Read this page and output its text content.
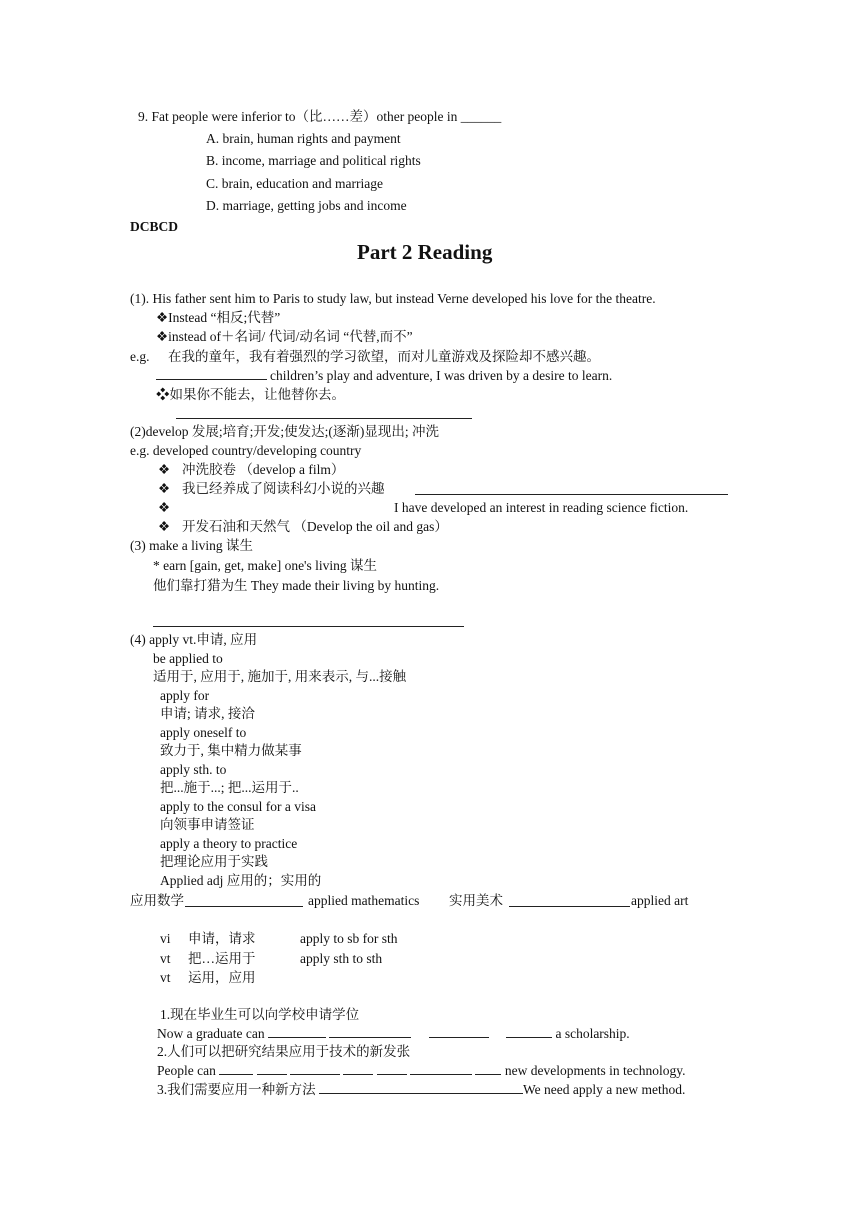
9. Fat people were inferior to（比……差）other people in ______
A. brain, human rights and payment
B. income, marriage and political rights
C. brain, education and marriage
D. marriage, getting jobs and income
DCBCD
Part 2 Reading
(1). His father sent him to Paris to study law, but instead Verne developed his love for the theatre.
❖Instead “相反;代替”
❖instead of＋名词/ 代词/动名词 “代替,而不”
e.g. 在我的童年，我有着强烈的学习欲望，而对儿童游戏及探险却不感兴趣。
children’s play and adventure, I was driven by a desire to learn.
❖如果你不能去，让他替你去。
(2)develop 发展;培育;开发;使发达;(逐渐)显现出; 冲洗
e.g. developed country/developing country
❖ 冲洗胶卷 （develop a film）
❖ 我已经养成了阅读科幻小说的兴趣
❖	I have developed an interest in reading science fiction.
❖ 开发石油和天然气 （Develop the oil and gas）
(3) make a living 谋生
* earn [gain, get, make] one's living 谋生
他们靠打猎为生 They made their living by hunting.
(4) apply vt.申请, 应用
be applied to
适用于, 应用于, 施加于, 用来表示, 与...接触
apply for
申请; 请求, 接洽
apply oneself to
致力于, 集中精力做某事
apply sth. to
把...施于...; 把...运用于..
apply to the consul for a visa
向领事申请签证
apply a theory to practice
把理论应用于实践
Applied adj 应用的；实用的
应用数学	applied mathematics 实用美术	applied art
vi 申请，请求	apply to sb for sth
vt 把…运用于	apply sth to sth
vt 运用，应用
1.现在毕业生可以向学校申请学位
Now a graduate can	a scholarship.
2.人们可以把研究结果应用于技术的新发张
People can	new developments in technology.
3.我们需要应用一种新方法	We need apply a new method.
